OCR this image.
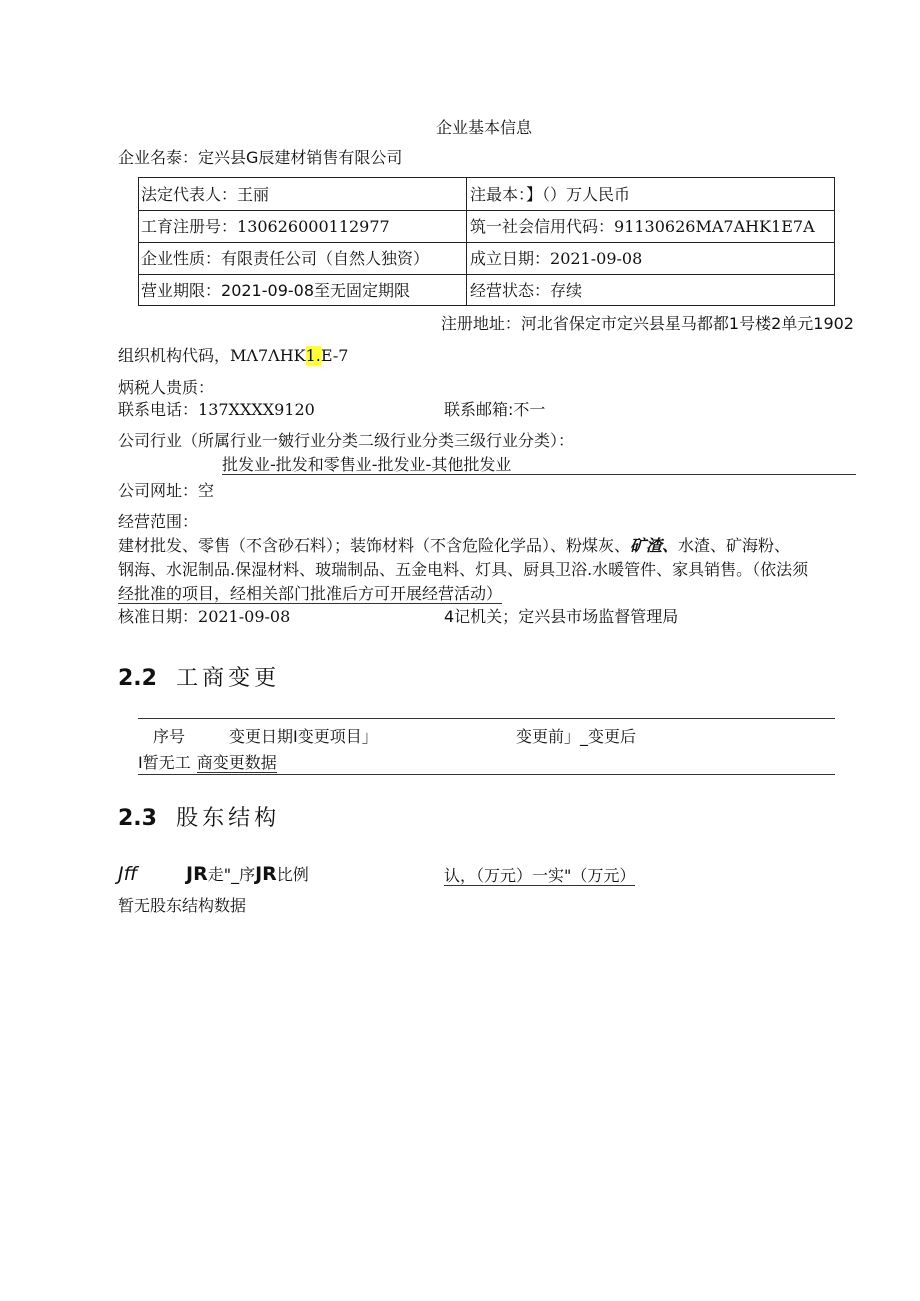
企业基本信息
企业名泰：定兴县G辰建材销售有限公司
法定代表人：王丽	注最本：】（）万人民币
工育注册号：130626000112977	筑一社会信用代码：91130626MA7AHK1E7A
企业性质：有限责任公司（自然人独资）	成立日期：2021-09-08
营业期限：2021-09-08至无固定期限	经营状态：存续
注册地址：河北省保定市定兴县星马都都1号楼2单元1902
组织机构代码，MΛ7ΛHK1.E-7
炳税人贵质：
联系电话：137XXXX9120	联系邮箱:不一
公司行业（所属行业一皴行业分类二级行业分类三级行业分类）：
批发业-批发和零售业-批发业-其他批发业
公司网址：空
经营范围：
建材批发、零售（不含砂石料）；装饰材料（不含危险化学品）、粉煤灰、矿渣、水渣、矿海粉、
钢海、水泥制品.保湿材料、玻瑞制品、五金电料、灯具、厨具卫浴.水暖管件、家具销售。（依法须
经批准的项目，经相关部门批准后方可开展经营活动）
核准日期：2021-09-08	4记机关；定兴县市场监督管理局
2.2 工商变更
序号	变更日期I变更项目」	变更前」_变更后
I暂无工 商变更数据
2.3 股东结构
Jff	JR走"_序JR比例	认，（万元）一实"（万元）
暂无股东结构数据
